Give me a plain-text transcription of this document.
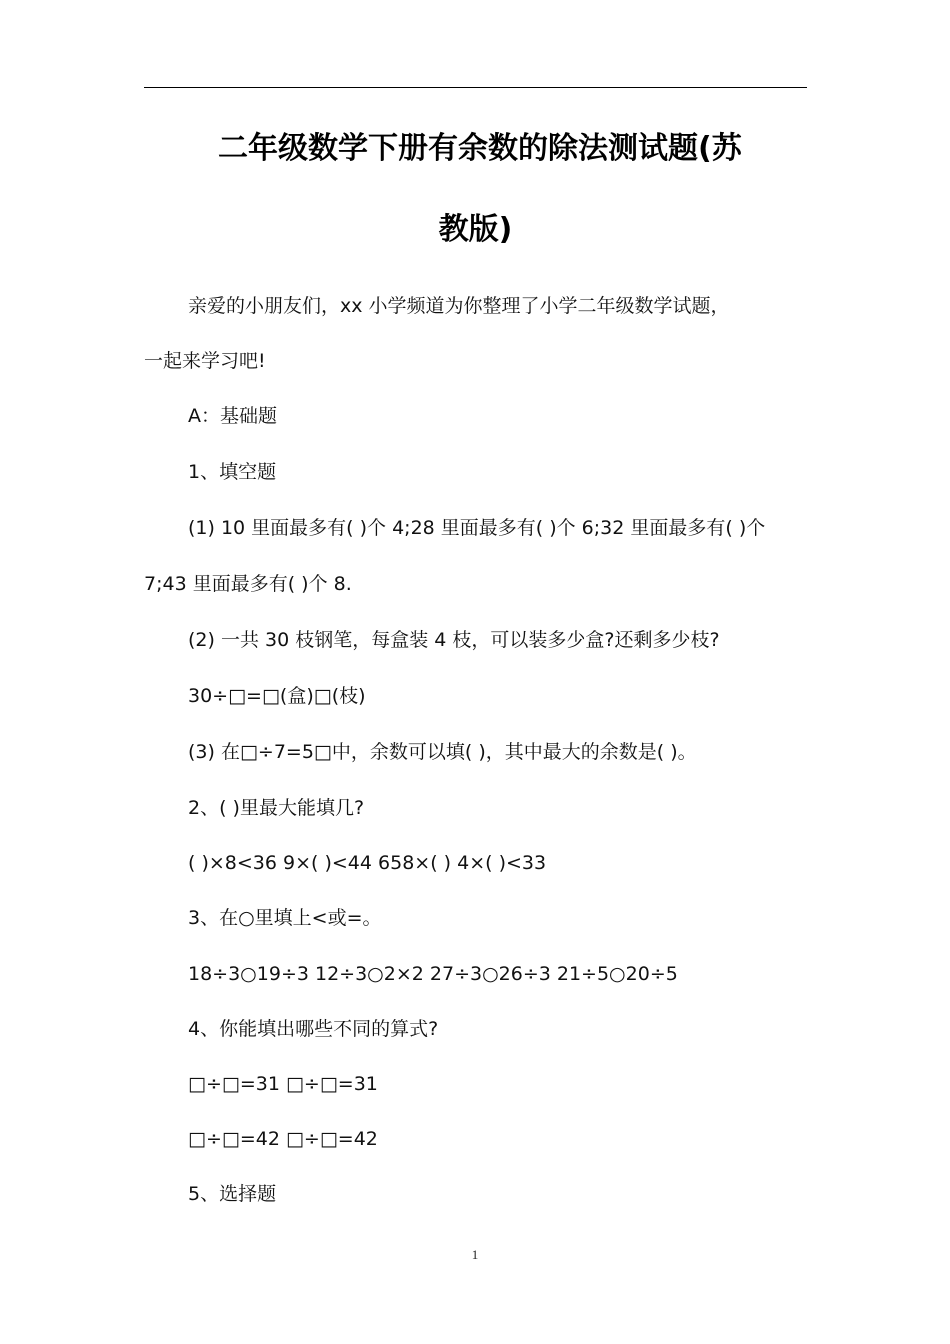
二年级数学下册有余数的除法测试题(苏
教版)
亲爱的小朋友们，xx 小学频道为你整理了小学二年级数学试题，
一起来学习吧!
A：基础题
1、填空题
(1) 10 里面最多有( )个 4;28 里面最多有( )个 6;32 里面最多有( )个
7;43 里面最多有( )个 8.
(2) 一共 30 枝钢笔，每盒装 4 枝，可以装多少盒?还剩多少枝?
30÷□=□(盒)□(枝)
(3) 在□÷7=5□中，余数可以填( )，其中最大的余数是( )。
2、( )里最大能填几?
( )×8<36 9×( )<44 658×( ) 4×( )<33
3、在○里填上<或=。
18÷3○19÷3 12÷3○2×2 27÷3○26÷3 21÷5○20÷5
4、你能填出哪些不同的算式?
□÷□=31 □÷□=31
□÷□=42 □÷□=42
5、选择题
1
